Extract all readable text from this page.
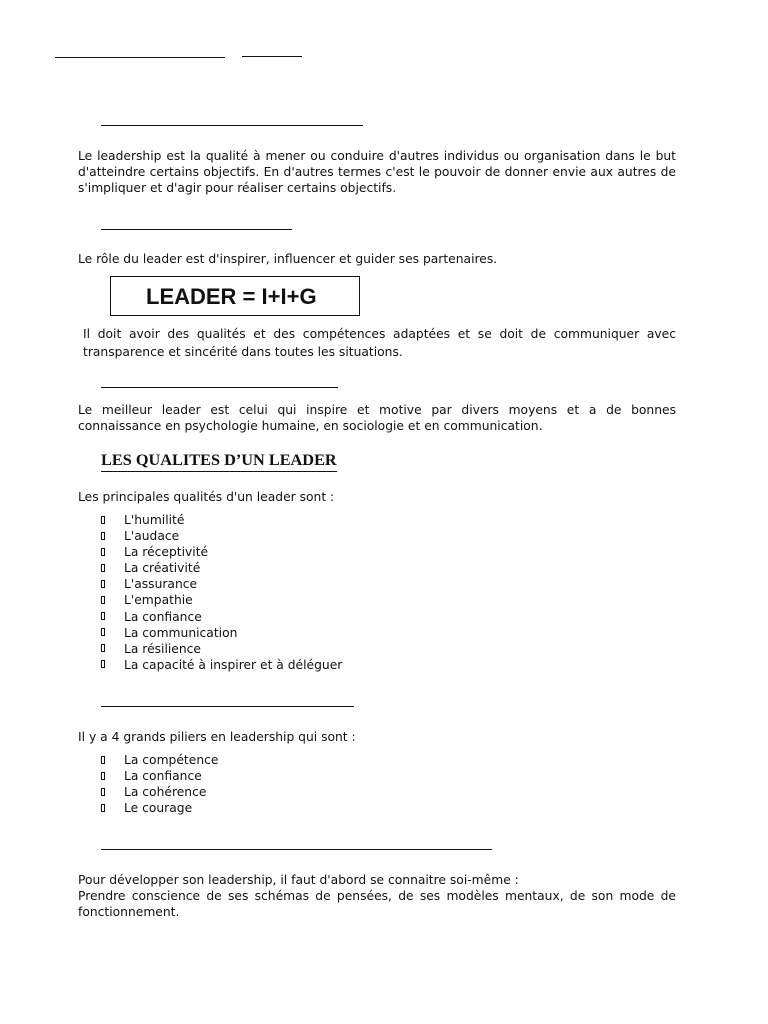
Le leadership est la qualité à mener ou conduire d'autres individus ou organisation dans le but
d'atteindre certains objectifs. En d'autres termes c'est le pouvoir de donner envie aux autres de
s'impliquer et d'agir pour réaliser certains objectifs.

Le rôle du leader est d'inspirer, influencer et guider ses partenaires.

LEADER = I+I+G

Il doit avoir des qualités et des compétences adaptées et se doit de communiquer avec
transparence et sincérité dans toutes les situations.

Le meilleur leader est celui qui inspire et motive par divers moyens et a de bonnes
connaissance en psychologie humaine, en sociologie et en communication.

LES QUALITES D’UN LEADER

Les principales qualités d'un leader sont :

L'humilité
L'audace
La réceptivité
La créativité
L'assurance
L'empathie
La confiance
La communication
La résilience
La capacité à inspirer et à déléguer

Il y a 4 grands piliers en leadership qui sont :

La compétence
La confiance
La cohérence
Le courage

Pour développer son leadership, il faut d'abord se connaitre soi-même :
Prendre conscience de ses schémas de pensées, de ses modèles mentaux, de son mode de
fonctionnement.
